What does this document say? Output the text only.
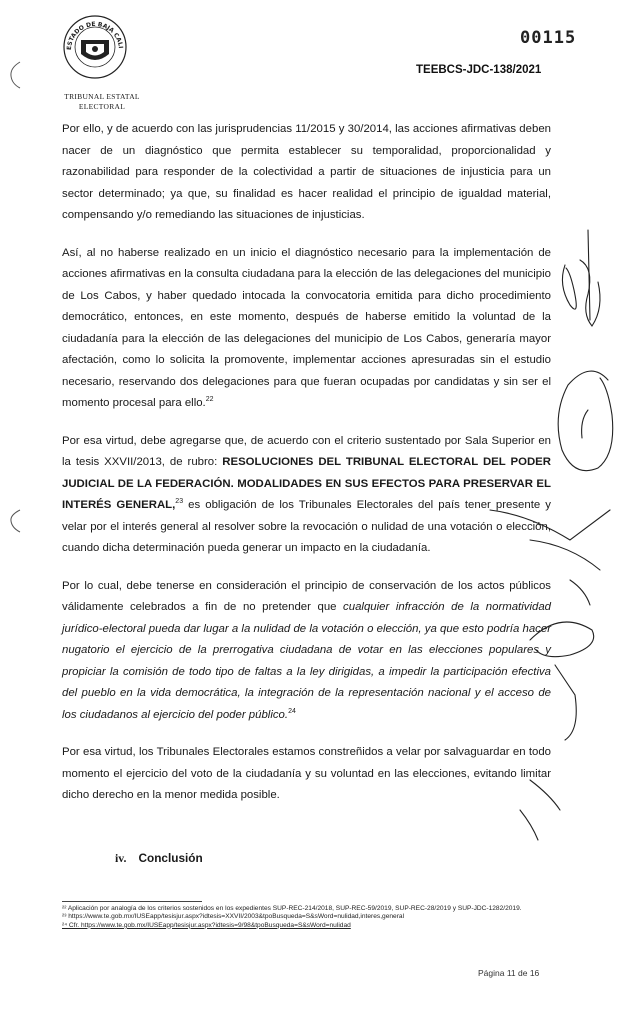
ESTADO DE BAJA CALI
TRIBUNAL ESTATAL
ELECTORAL
00115
TEEBCS-JDC-138/2021

Por ello, y de acuerdo con las jurisprudencias 11/2015 y 30/2014, las acciones afirmativas deben nacer de un diagnóstico que permita establecer su temporalidad, proporcionalidad y razonabilidad para responder de la colectividad a partir de situaciones de injusticia para un sector determinado; ya que, su finalidad es hacer realidad el principio de igualdad material, compensando y/o remediando las situaciones de injusticias.

Así, al no haberse realizado en un inicio el diagnóstico necesario para la implementación de acciones afirmativas en la consulta ciudadana para la elección de las delegaciones del municipio de Los Cabos, y haber quedado intocada la convocatoria emitida para dicho procedimiento democrático, entonces, en este momento, después de haberse emitido la voluntad de la ciudadanía para la elección de las delegaciones del municipio de Los Cabos, generaría mayor afectación, como lo solicita la promovente, implementar acciones apresuradas sin el estudio necesario, reservando dos delegaciones para que fueran ocupadas por candidatas y sin ser el momento procesal para ello.$^{22}$

Por esa virtud, debe agregarse que, de acuerdo con el criterio sustentado por Sala Superior en la tesis XXVII/2013, de rubro: RESOLUCIONES DEL TRIBUNAL ELECTORAL DEL PODER JUDICIAL DE LA FEDERACIÓN. MODALIDADES EN SUS EFECTOS PARA PRESERVAR EL INTERÉS GENERAL,$^{23}$ es obligación de los Tribunales Electorales del país tener presente y velar por el interés general al resolver sobre la revocación o nulidad de una votación o elección, cuando dicha determinación pueda generar un impacto en la ciudadanía.

Por lo cual, debe tenerse en consideración el principio de conservación de los actos públicos válidamente celebrados a fin de no pretender que cualquier infracción de la normatividad jurídico-electoral pueda dar lugar a la nulidad de la votación o elección, ya que esto podría hacer nugatorio el ejercicio de la prerrogativa ciudadana de votar en las elecciones populares y propiciar la comisión de todo tipo de faltas a la ley dirigidas, a impedir la participación efectiva del pueblo en la vida democrática, la integración de la representación nacional y el acceso de los ciudadanos al ejercicio del poder público.$^{24}$

Por esa virtud, los Tribunales Electorales estamos constreñidos a velar por salvaguardar en todo momento el ejercicio del voto de la ciudadanía y su voluntad en las elecciones, evitando limitar dicho derecho en la menor medida posible.

iv. Conclusión
²² Aplicación por analogía de los criterios sostenidos en los expedientes SUP-REC-214/2018, SUP-REC-59/2019, SUP-REC-28/2019 y SUP-JDC-1282/2019.
²³ https://www.te.gob.mx/IUSEapp/tesisjur.aspx?idtesis=XXVII/2003&tpoBusqueda=S&sWord=nulidad,interes,general
²⁴ Cfr. https://www.te.gob.mx/IUSEapp/tesisjur.aspx?idtesis=9/98&tpoBusqueda=S&sWord=nulidad
Página 11 de 16
